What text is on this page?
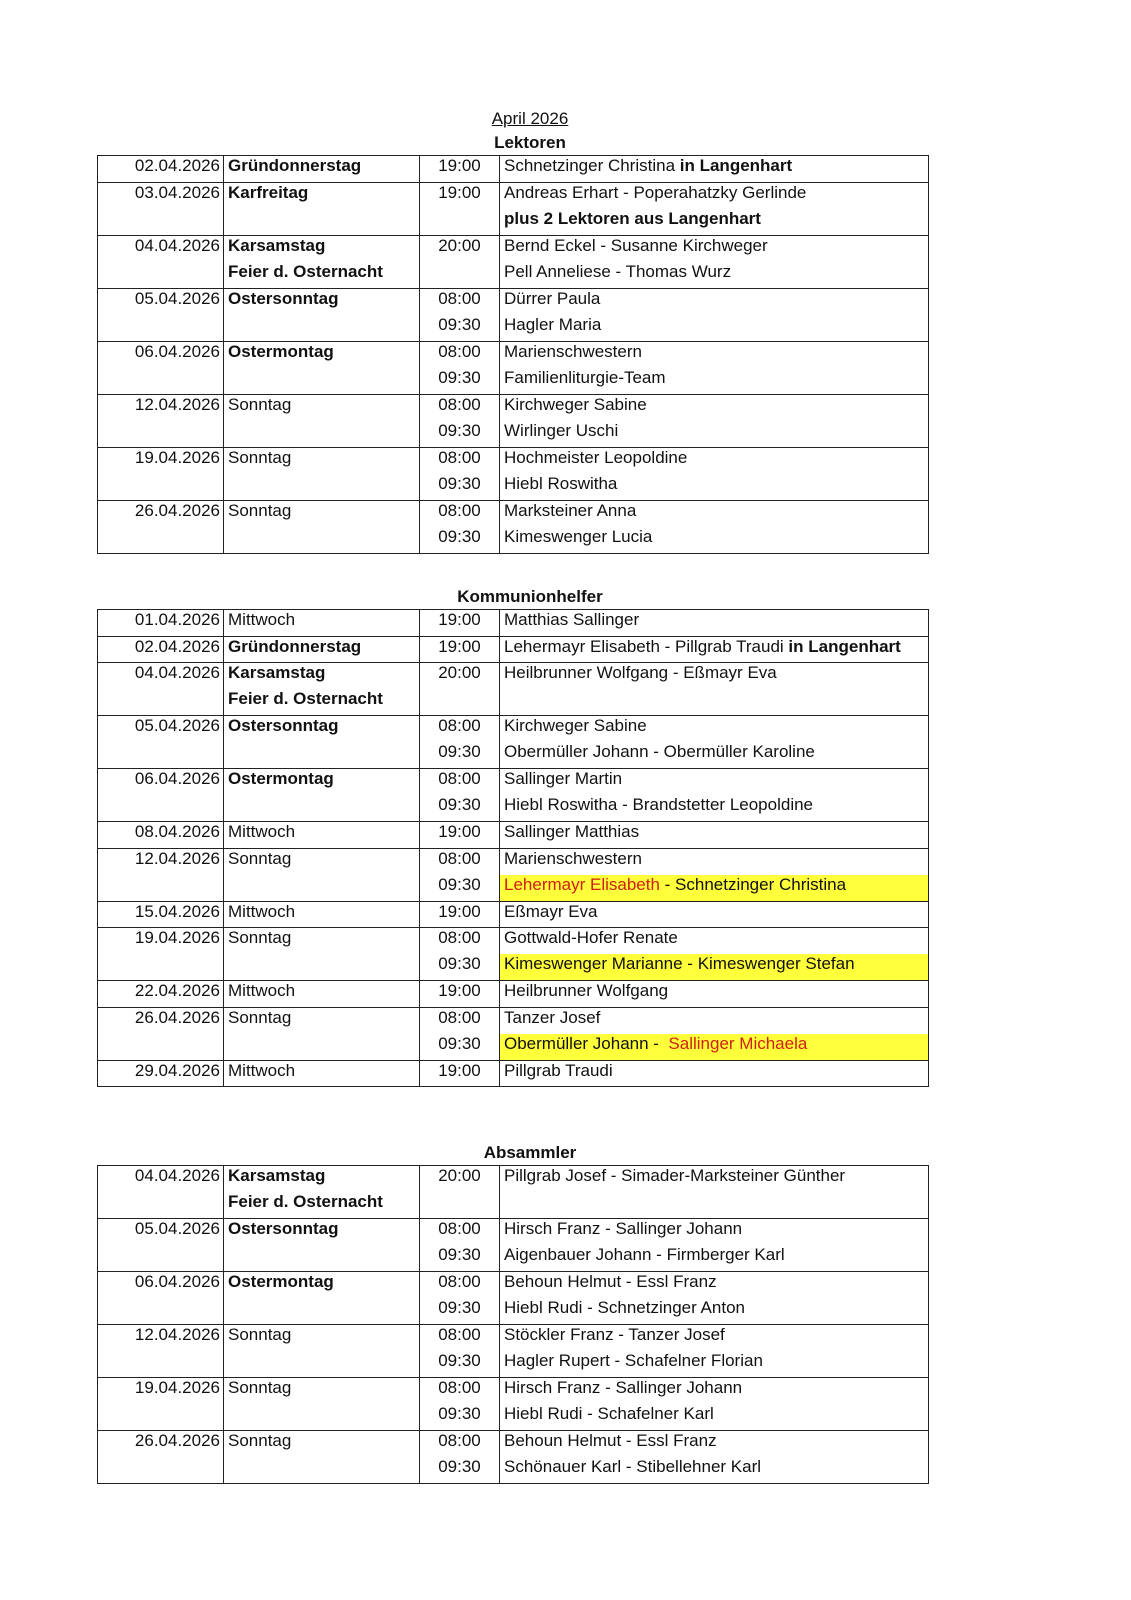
April 2026
Lektoren
02.04.2026	Gründonnerstag	19:00	Schnetzinger Christina in Langenhart
03.04.2026	Karfreitag	19:00	Andreas Erhart - Poperahatzky Gerlinde
			plus 2 Lektoren aus Langenhart
04.04.2026	Karsamstag	20:00	Bernd Eckel - Susanne Kirchweger
	Feier d. Osternacht		Pell Anneliese - Thomas Wurz
05.04.2026	Ostersonntag	08:00	Dürrer Paula
		09:30	Hagler Maria
06.04.2026	Ostermontag	08:00	Marienschwestern
		09:30	Familienliturgie-Team
12.04.2026	Sonntag	08:00	Kirchweger Sabine
		09:30	Wirlinger Uschi
19.04.2026	Sonntag	08:00	Hochmeister Leopoldine
		09:30	Hiebl Roswitha
26.04.2026	Sonntag	08:00	Marksteiner Anna
		09:30	Kimeswenger Lucia
Kommunionhelfer
01.04.2026	Mittwoch	19:00	Matthias Sallinger
02.04.2026	Gründonnerstag	19:00	Lehermayr Elisabeth - Pillgrab Traudi in Langenhart
04.04.2026	Karsamstag	20:00	Heilbrunner Wolfgang - Eßmayr Eva
	Feier d. Osternacht		
05.04.2026	Ostersonntag	08:00	Kirchweger Sabine
		09:30	Obermüller Johann - Obermüller Karoline
06.04.2026	Ostermontag	08:00	Sallinger Martin
		09:30	Hiebl Roswitha - Brandstetter Leopoldine
08.04.2026	Mittwoch	19:00	Sallinger Matthias
12.04.2026	Sonntag	08:00	Marienschwestern
		09:30	Lehermayr Elisabeth - Schnetzinger Christina
15.04.2026	Mittwoch	19:00	Eßmayr Eva
19.04.2026	Sonntag	08:00	Gottwald-Hofer Renate
		09:30	Kimeswenger Marianne - Kimeswenger Stefan
22.04.2026	Mittwoch	19:00	Heilbrunner Wolfgang
26.04.2026	Sonntag	08:00	Tanzer Josef
		09:30	Obermüller Johann -  Sallinger Michaela
29.04.2026	Mittwoch	19:00	Pillgrab Traudi
Absammler
04.04.2026	Karsamstag	20:00	Pillgrab Josef - Simader-Marksteiner Günther
	Feier d. Osternacht		
05.04.2026	Ostersonntag	08:00	Hirsch Franz - Sallinger Johann
		09:30	Aigenbauer Johann - Firmberger Karl
06.04.2026	Ostermontag	08:00	Behoun Helmut - Essl Franz
		09:30	Hiebl Rudi - Schnetzinger Anton
12.04.2026	Sonntag	08:00	Stöckler Franz - Tanzer Josef
		09:30	Hagler Rupert - Schafelner Florian
19.04.2026	Sonntag	08:00	Hirsch Franz - Sallinger Johann
		09:30	Hiebl Rudi - Schafelner Karl
26.04.2026	Sonntag	08:00	Behoun Helmut - Essl Franz
		09:30	Schönauer Karl - Stibellehner Karl
